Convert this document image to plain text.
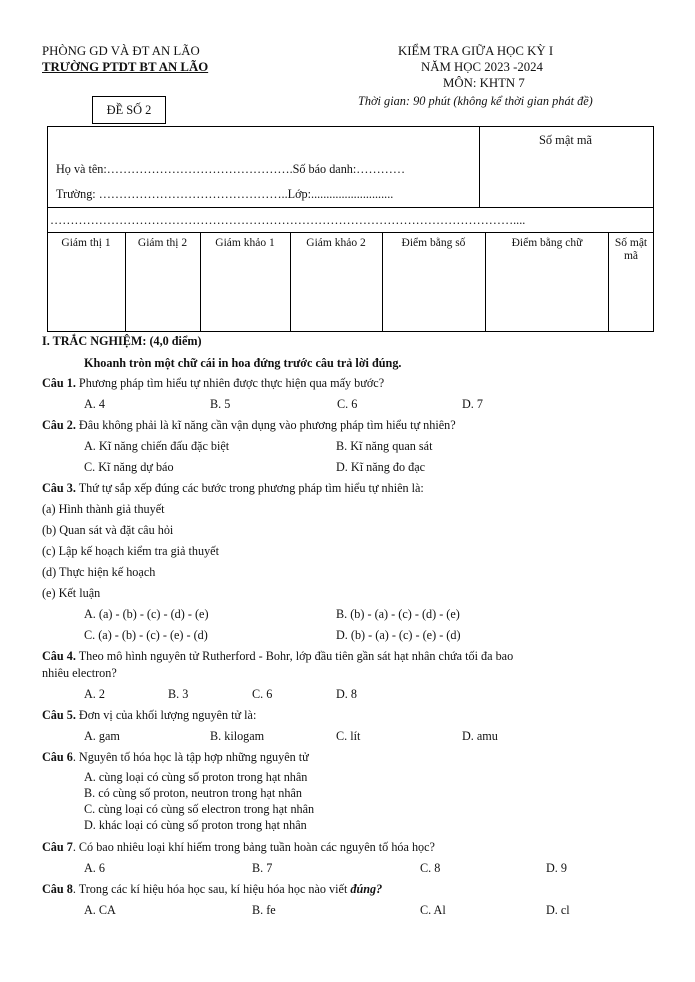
PHÒNG GD VÀ ĐT AN LÃO
TRƯỜNG PTDT BT AN LÃO
KIỂM TRA GIỮA HỌC KỲ I
NĂM HỌC 2023 -2024
MÔN: KHTN 7
Thời gian: 90 phút (không kể thời gian phát đề)
ĐỀ SỐ 2
Số mật mã
Họ và tên:……………………………………….Số báo danh:…………
Trường: ………………………………………..Lớp:...........................
……………………………………………………………………………………………………....
Giám thị 1	Giám thị 2	Giám khảo 1	Giám khảo 2	Điểm bằng số	Điểm bằng chữ	Số mật mã
I. TRẮC NGHIỆM: (4,0 điểm)
Khoanh tròn một chữ cái in hoa đứng trước câu trả lời đúng.
Câu 1. Phương pháp tìm hiểu tự nhiên được thực hiện qua mấy bước?
A. 4	B. 5	C. 6	D. 7
Câu 2. Đâu không phải là kĩ năng cần vận dụng vào phương pháp tìm hiểu tự nhiên?
A. Kĩ năng chiến đấu đặc biệt	B. Kĩ năng quan sát
C. Kĩ năng dự báo	D. Kĩ năng đo đạc
Câu 3. Thứ tự sắp xếp đúng các bước trong phương pháp tìm hiểu tự nhiên là:
(a) Hình thành giả thuyết
(b) Quan sát và đặt câu hỏi
(c) Lập kế hoạch kiểm tra giả thuyết
(d) Thực hiện kế hoạch
(e) Kết luận
A. (a) - (b) - (c) - (d) - (e)	B. (b) - (a) - (c) - (d) - (e)
C. (a) - (b) - (c) - (e) - (d)	D. (b) - (a) - (c) - (e) - (d)
Câu 4. Theo mô hình nguyên tử Rutherford - Bohr, lớp đầu tiên gần sát hạt nhân chứa tối đa bao
nhiêu electron?
A. 2	B. 3	C. 6	D. 8
Câu 5. Đơn vị của khối lượng nguyên tử là:
A. gam	B. kilogam	C. lít	D. amu
Câu 6. Nguyên tố hóa học là tập hợp những nguyên tử
A. cùng loại có cùng số proton trong hạt nhân
B. có cùng số proton, neutron trong hạt nhân
C. cùng loại có cùng số electron trong hạt nhân
D. khác loại có cùng số proton trong hạt nhân
Câu 7. Có bao nhiêu loại khí hiếm trong bảng tuần hoàn các nguyên tố hóa học?
A. 6	B. 7	C. 8	D. 9
Câu 8. Trong các kí hiệu hóa học sau, kí hiệu hóa học nào viết đúng?
A. CA	B. fe	C. Al	D. cl
